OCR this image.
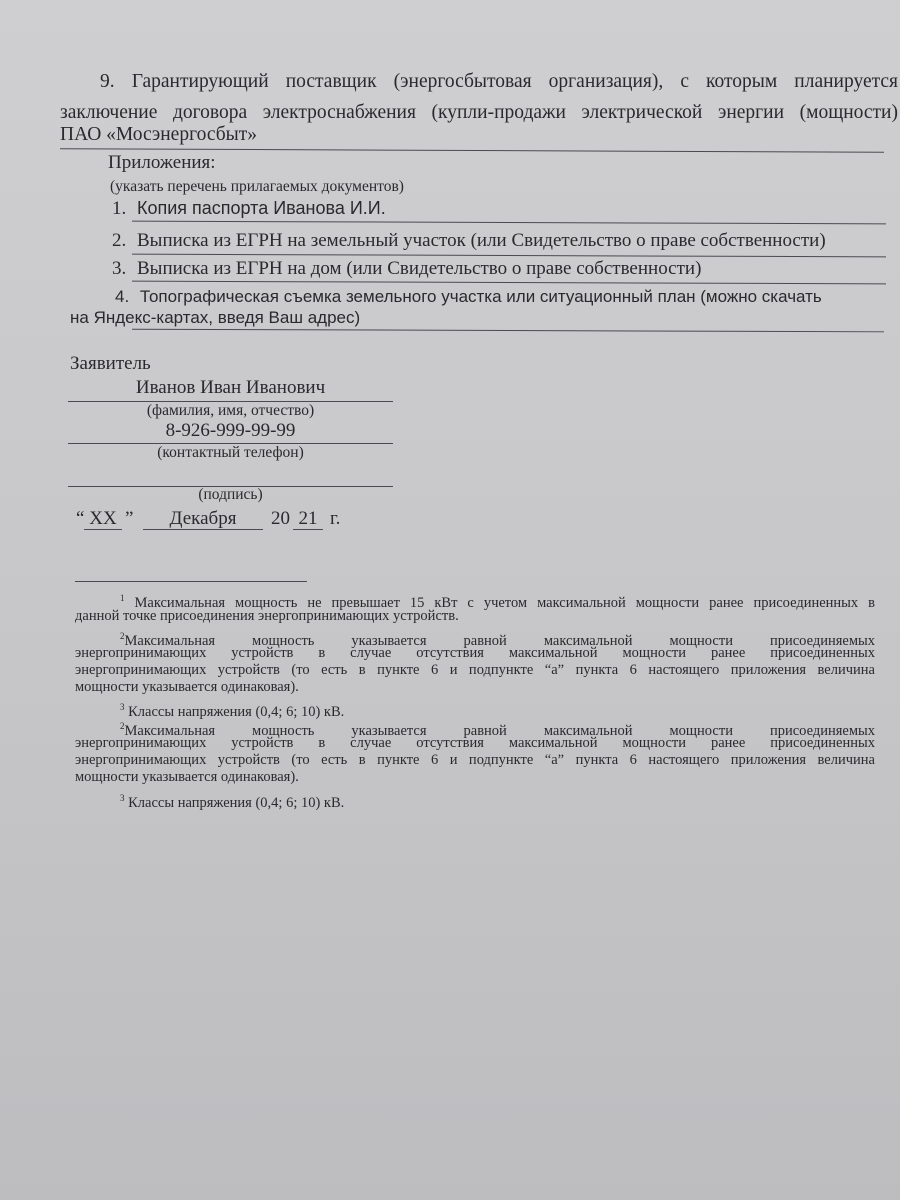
9. Гарантирующий поставщик (энергосбытовая организация), с которым планируется
заключение договора электроснабжения (купли-продажи электрической энергии (мощности)
ПАО «Мосэнергосбыт»
Приложения:
(указать перечень прилагаемых документов)
1. Копия паспорта Иванова И.И.
2. Выписка из ЕГРН на земельный участок (или Свидетельство о праве собственности)
3. Выписка из ЕГРН на дом (или Свидетельство о праве собственности)
4. Топографическая съемка земельного участка или ситуационный план (можно скачать
на Яндекс-картах, введя Ваш адрес)
Заявитель
Иванов Иван Иванович
(фамилия, имя, отчество)
8-926-999-99-99
(контактный телефон)
(подпись)
“ XX ”	Декабря	20 21 г.
$^1$ Максимальная мощность не превышает 15 кВт с учетом максимальной мощности ранее присоединенных в
данной точке присоединения энергопринимающих устройств.
$^2$Максимальная мощность указывается равной максимальной мощности присоединяемых
энергопринимающих устройств в случае отсутствия максимальной мощности ранее присоединенных
энергопринимающих устройств (то есть в пункте 6 и подпункте “а” пункта 6 настоящего приложения величина
мощности указывается одинаковая).
$^3$ Классы напряжения (0,4; 6; 10) кВ.
$^2$Максимальная мощность указывается равной максимальной мощности присоединяемых
энергопринимающих устройств в случае отсутствия максимальной мощности ранее присоединенных
энергопринимающих устройств (то есть в пункте 6 и подпункте “а” пункта 6 настоящего приложения величина
мощности указывается одинаковая).
$^3$ Классы напряжения (0,4; 6; 10) кВ.
